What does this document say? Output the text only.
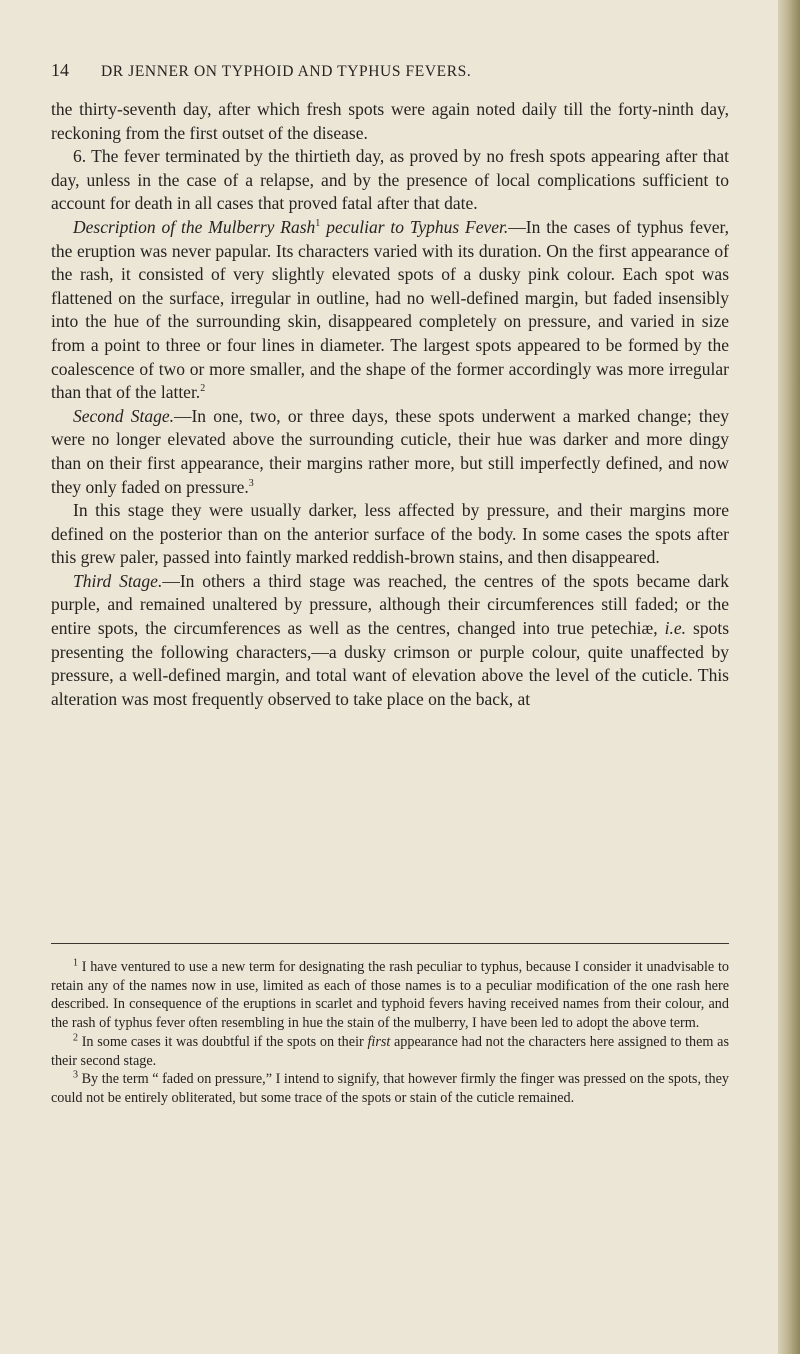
14 DR JENNER ON TYPHOID AND TYPHUS FEVERS.

the thirty-seventh day, after which fresh spots were again noted daily till the forty-ninth day, reckoning from the first outset of the disease.

6. The fever terminated by the thirtieth day, as proved by no fresh spots appearing after that day, unless in the case of a relapse, and by the presence of local complications sufficient to account for death in all cases that proved fatal after that date.

Description of the Mulberry Rash$^1$ peculiar to Typhus Fever.—In the cases of typhus fever, the eruption was never papular. Its characters varied with its duration. On the first appearance of the rash, it consisted of very slightly elevated spots of a dusky pink colour. Each spot was flattened on the surface, irregular in outline, had no well-defined margin, but faded insensibly into the hue of the surrounding skin, disappeared completely on pressure, and varied in size from a point to three or four lines in diameter. The largest spots appeared to be formed by the coalescence of two or more smaller, and the shape of the former accordingly was more irregular than that of the latter.$^2$

Second Stage.—In one, two, or three days, these spots underwent a marked change; they were no longer elevated above the surrounding cuticle, their hue was darker and more dingy than on their first appearance, their margins rather more, but still imperfectly defined, and now they only faded on pressure.$^3$

In this stage they were usually darker, less affected by pressure, and their margins more defined on the posterior than on the anterior surface of the body. In some cases the spots after this grew paler, passed into faintly marked reddish-brown stains, and then disappeared.

Third Stage.—In others a third stage was reached, the centres of the spots became dark purple, and remained unaltered by pressure, although their circumferences still faded; or the entire spots, the circumferences as well as the centres, changed into true petechiæ, i.e. spots presenting the following characters,—a dusky crimson or purple colour, quite unaffected by pressure, a well-defined margin, and total want of elevation above the level of the cuticle. This alteration was most frequently observed to take place on the back, at

$^1$ I have ventured to use a new term for designating the rash peculiar to typhus, because I consider it unadvisable to retain any of the names now in use, limited as each of those names is to a peculiar modification of the one rash here described. In consequence of the eruptions in scarlet and typhoid fevers having received names from their colour, and the rash of typhus fever often resembling in hue the stain of the mulberry, I have been led to adopt the above term.

$^2$ In some cases it was doubtful if the spots on their first appearance had not the characters here assigned to them as their second stage.

$^3$ By the term “ faded on pressure,” I intend to signify, that however firmly the finger was pressed on the spots, they could not be entirely obliterated, but some trace of the spots or stain of the cuticle remained.
